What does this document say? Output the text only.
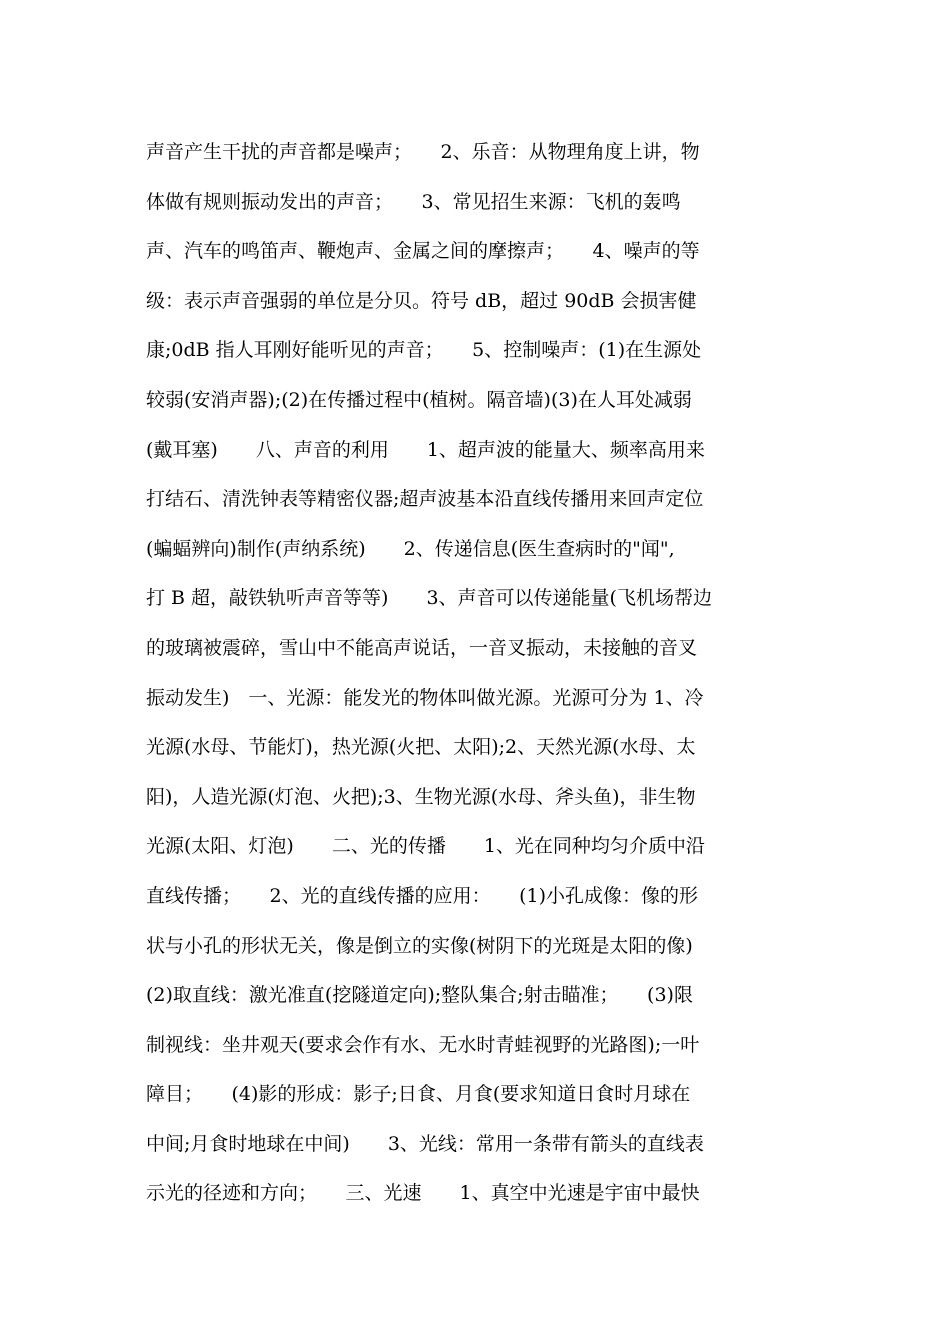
声音产生干扰的声音都是噪声；　　2、乐音：从物理角度上讲，物
体做有规则振动发出的声音；　　3、常见招生来源：飞机的轰鸣
声、汽车的鸣笛声、鞭炮声、金属之间的摩擦声；　　4、噪声的等
级：表示声音强弱的单位是分贝。符号 dB，超过 90dB 会损害健
康;0dB 指人耳刚好能听见的声音；　　5、控制噪声：(1)在生源处
较弱(安消声器);(2)在传播过程中(植树。隔音墙)(3)在人耳处减弱
(戴耳塞)　　八、声音的利用　　1、超声波的能量大、频率高用来
打结石、清洗钟表等精密仪器;超声波基本沿直线传播用来回声定位
(蝙蝠辨向)制作(声纳系统)　　2、传递信息(医生查病时的"闻",
打 B 超，敲铁轨听声音等等)　　3、声音可以传递能量(飞机场帮边
的玻璃被震碎，雪山中不能高声说话，一音叉振动，未接触的音叉
振动发生)　一、光源：能发光的物体叫做光源。光源可分为 1、冷
光源(水母、节能灯)，热光源(火把、太阳);2、天然光源(水母、太
阳)，人造光源(灯泡、火把);3、生物光源(水母、斧头鱼)，非生物
光源(太阳、灯泡)　　二、光的传播　　1、光在同种均匀介质中沿
直线传播；　　2、光的直线传播的应用：　　(1)小孔成像：像的形
状与小孔的形状无关，像是倒立的实像(树阴下的光斑是太阳的像)
(2)取直线：激光准直(挖隧道定向);整队集合;射击瞄准；　　(3)限
制视线：坐井观天(要求会作有水、无水时青蛙视野的光路图);一叶
障目；　　(4)影的形成：影子;日食、月食(要求知道日食时月球在
中间;月食时地球在中间)　　3、光线：常用一条带有箭头的直线表
示光的径迹和方向；　　三、光速　　1、真空中光速是宇宙中最快
